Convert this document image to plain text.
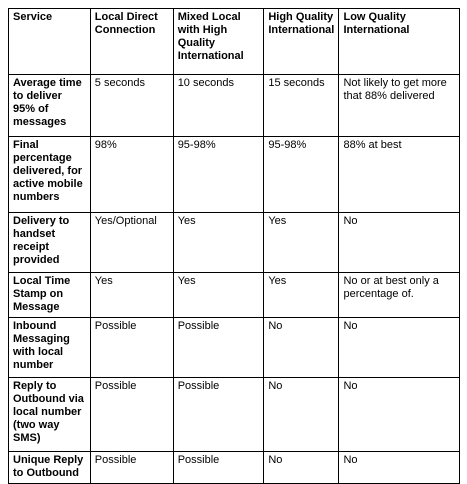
Service	Local Direct Connection	Mixed Local with High Quality International	High Quality International	Low Quality International
Average time to deliver 95% of messages	5 seconds	10 seconds	15 seconds	Not likely to get more that 88% delivered
Final percentage delivered, for active mobile numbers	98%	95-98%	95-98%	88% at best
Delivery to handset receipt provided	Yes/Optional	Yes	Yes	No
Local Time Stamp on Message	Yes	Yes	Yes	No or at best only a percentage of.
Inbound Messaging with local number	Possible	Possible	No	No
Reply to Outbound via local number (two way SMS)	Possible	Possible	No	No
Unique Reply to Outbound	Possible	Possible	No	No
